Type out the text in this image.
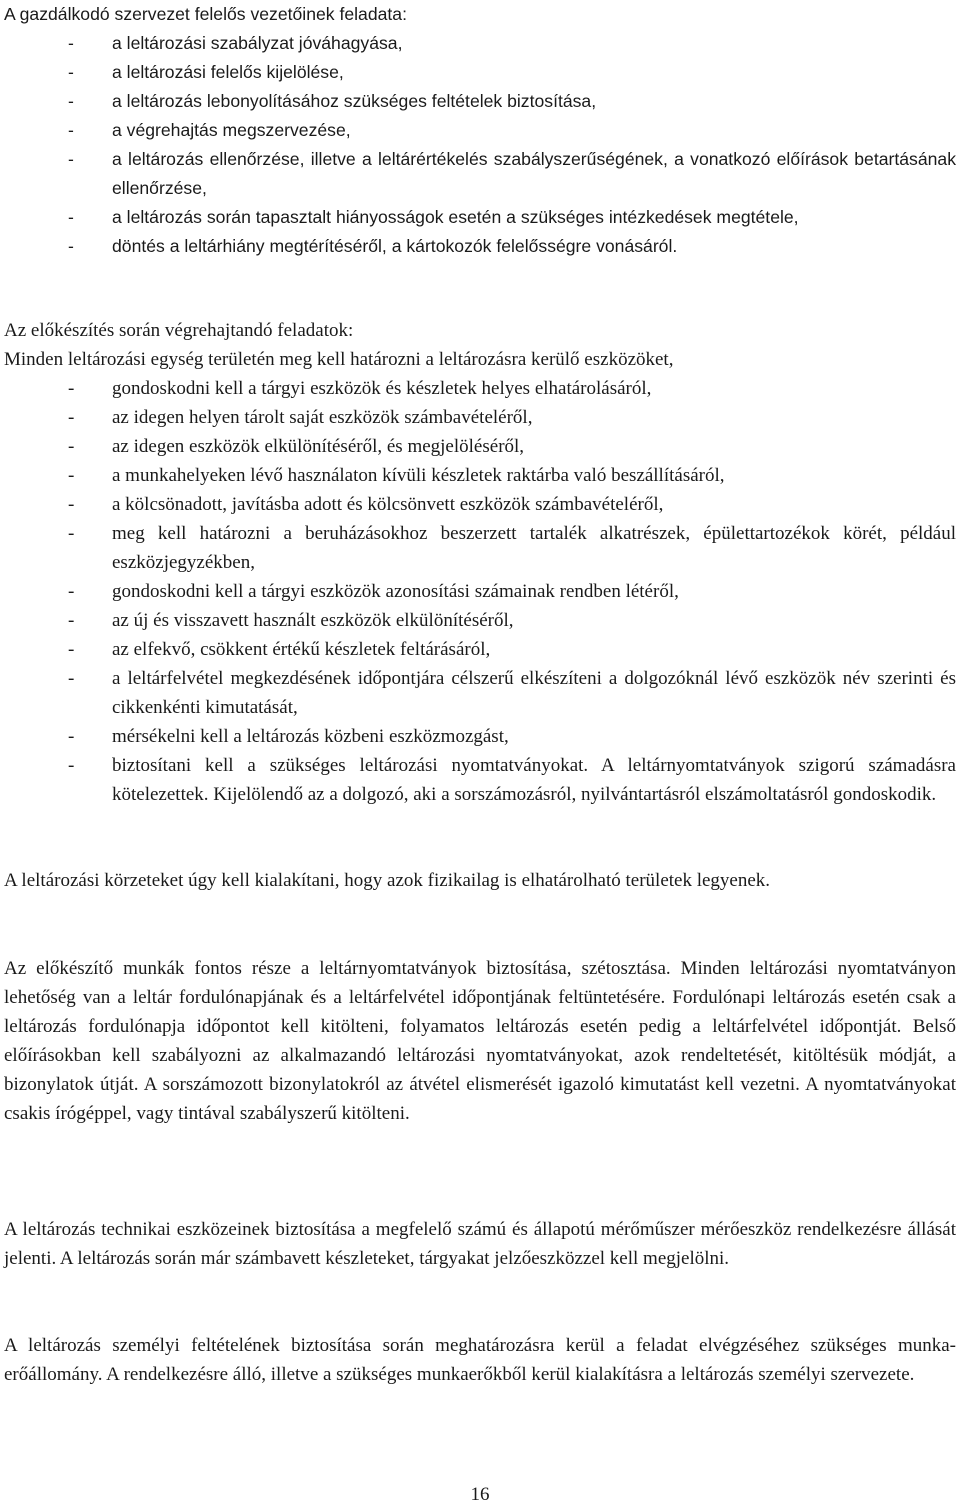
A gazdálkodó szervezet felelős vezetőinek feladata:

- a leltározási szabályzat jóváhagyása,
- a leltározási felelős kijelölése,
- a leltározás lebonyolításához szükséges feltételek biztosítása,
- a végrehajtás megszervezése,
- a leltározás ellenőrzése, illetve a leltárértékelés szabályszerűségének, a vonatkozó előírások betartásának ellenőrzése,
- a leltározás során tapasztalt hiányosságok esetén a szükséges intézkedések megtétele,
- döntés a leltárhiány megtérítéséről, a kártokozók felelősségre vonásáról.

Az előkészítés során végrehajtandó feladatok:

Minden leltározási egység területén meg kell határozni a leltározásra kerülő eszközöket,

- gondoskodni kell a tárgyi eszközök és készletek helyes elhatárolásáról,
- az idegen helyen tárolt saját eszközök számbavételéről,
- az idegen eszközök elkülönítéséről, és megjelöléséről,
- a munkahelyeken lévő használaton kívüli készletek raktárba való beszállításáról,
- a kölcsönadott, javításba adott és kölcsönvett eszközök számbavételéről,
- meg kell határozni a beruházásokhoz beszerzett tartalék alkatrészek, épülettartozékok körét, például eszközjegyzékben,
- gondoskodni kell a tárgyi eszközök azonosítási számainak rendben létéről,
- az új és visszavett használt eszközök elkülönítéséről,
- az elfekvő, csökkent értékű készletek feltárásáról,
- a leltárfelvétel megkezdésének időpontjára célszerű elkészíteni a dolgozóknál lévő eszközök név szerinti és cikkenkénti kimutatását,
- mérsékelni kell a leltározás közbeni eszközmozgást,
- biztosítani kell a szükséges leltározási nyomtatványokat. A leltárnyomtatványok szigorú számadásra kötelezettek. Kijelölendő az a dolgozó, aki a sorszámozásról, nyilvántartásról elszámoltatásról gondoskodik.

A leltározási körzeteket úgy kell kialakítani, hogy azok fizikailag is elhatárolható területek legyenek.

Az előkészítő munkák fontos része a leltárnyomtatványok biztosítása, szétosztása. Minden leltározási nyomtatványon lehetőség van a leltár fordulónapjának és a leltárfelvétel időpontjának feltüntetésére. Fordulónapi leltározás esetén csak a leltározás fordulónapja időpontot kell kitölteni, folyamatos leltározás esetén pedig a leltárfelvétel időpontját. Belső előírásokban kell szabályozni az alkalmazandó leltározási nyomtatványokat, azok rendeltetését, kitöltésük módját, a bizonylatok útját. A sorszámozott bizonylatokról az átvétel elismerését igazoló kimutatást kell vezetni. A nyomtatványokat csakis írógéppel, vagy tintával szabályszerű kitölteni.

A leltározás technikai eszközeinek biztosítása a megfelelő számú és állapotú mérőműszer mérőeszköz rendelkezésre állását jelenti. A leltározás során már számbavett készleteket, tárgyakat jelzőeszközzel kell megjelölni.

A leltározás személyi feltételének biztosítása során meghatározásra kerül a feladat elvégzéséhez szükséges munka-erőállomány. A rendelkezésre álló, illetve a szükséges munkaerőkből kerül kialakításra a leltározás személyi szervezete.

16
